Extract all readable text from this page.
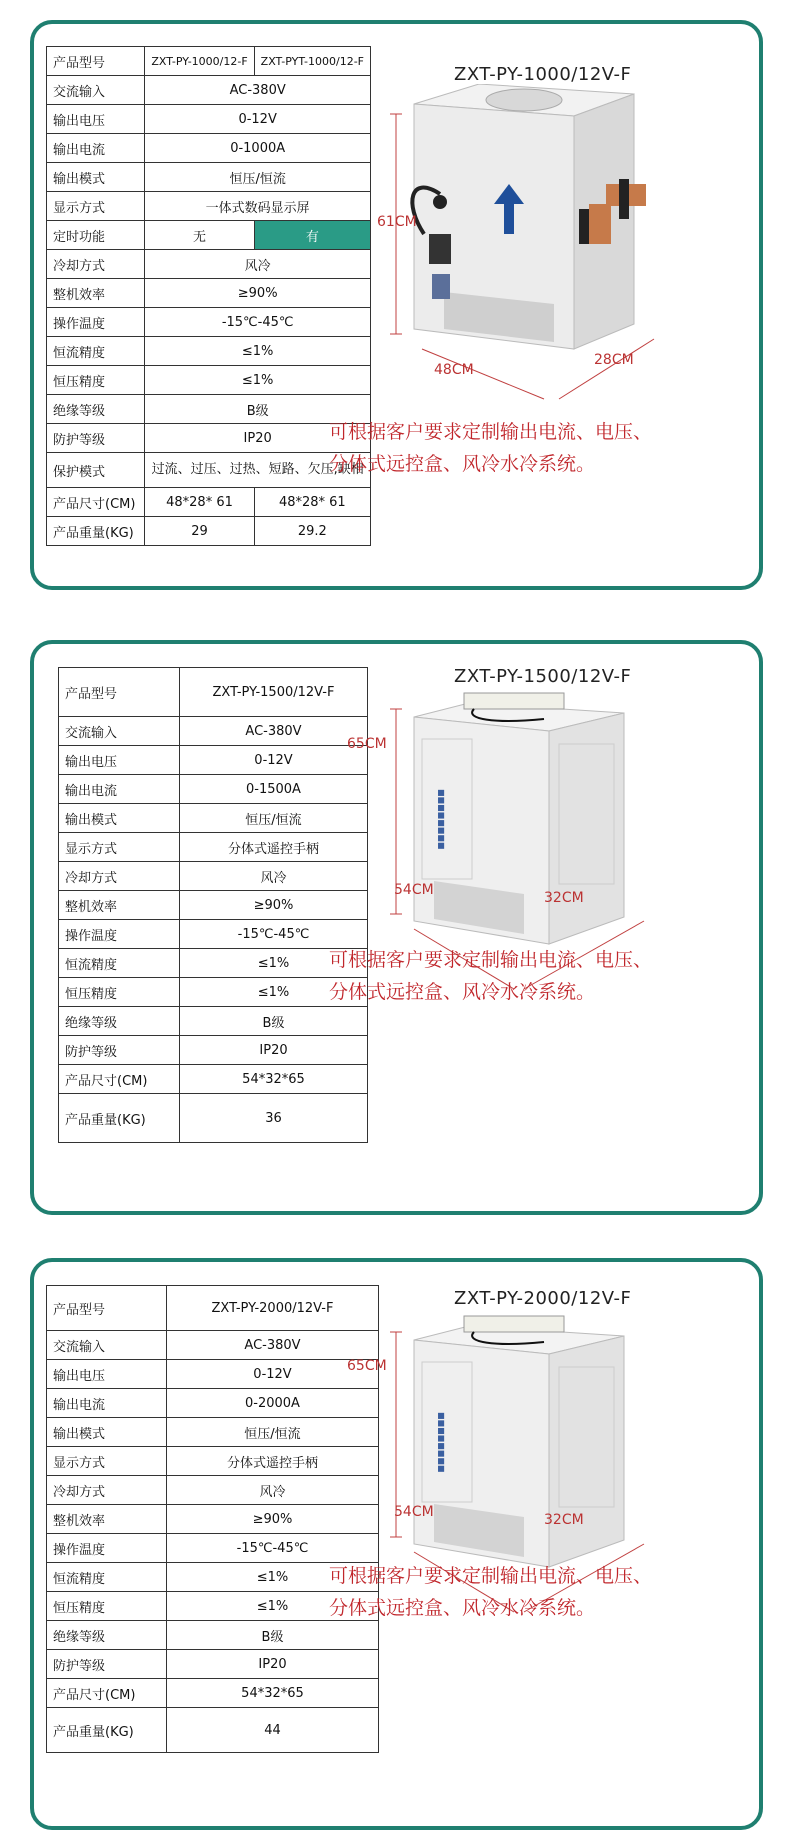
产品型号	ZXT-PY-1000/12-F	ZXT-PYT-1000/12-F
交流输入	AC-380V	
输出电压	0-12V	
输出电流	0-1000A	
输出模式	恒压/恒流	
显示方式	一体式数码显示屏	
定时功能	无	有
冷却方式	风冷	
整机效率	≥90%	
操作温度	-15℃-45℃	
恒流精度	≤1%	
恒压精度	≤1%	
绝缘等级	B级	
防护等级	IP20	
保护模式	过流、过压、过热、短路、欠压,缺相	
产品尺寸(CM)	48*28* 61	48*28* 61
产品重量(KG)	29	29.2
ZXT-PY-1000/12V-F
61CM
48CM
28CM
可根据客户要求定制输出电流、电压、
分体式远控盒、风冷水冷系统。
产品型号	ZXT-PY-1500/12V-F
交流输入	AC-380V
输出电压	0-12V
输出电流	0-1500A
输出模式	恒压/恒流
显示方式	分体式遥控手柄
冷却方式	风冷
整机效率	≥90%
操作温度	-15℃-45℃
恒流精度	≤1%
恒压精度	≤1%
绝缘等级	B级
防护等级	IP20
产品尺寸(CM)	54*32*65
产品重量(KG)	36
ZXT-PY-1500/12V-F
■■■■■■■■
65CM
54CM	32CM
可根据客户要求定制输出电流、电压、
分体式远控盒、风冷水冷系统。
产品型号	ZXT-PY-2000/12V-F
交流输入	AC-380V
输出电压	0-12V
输出电流	0-2000A
输出模式	恒压/恒流
显示方式	分体式遥控手柄
冷却方式	风冷
整机效率	≥90%
操作温度	-15℃-45℃
恒流精度	≤1%
恒压精度	≤1%
绝缘等级	B级
防护等级	IP20
产品尺寸(CM)	54*32*65
产品重量(KG)	44
ZXT-PY-2000/12V-F
■■■■■■■■
65CM
54CM	32CM
可根据客户要求定制输出电流、电压、
分体式远控盒、风冷水冷系统。
